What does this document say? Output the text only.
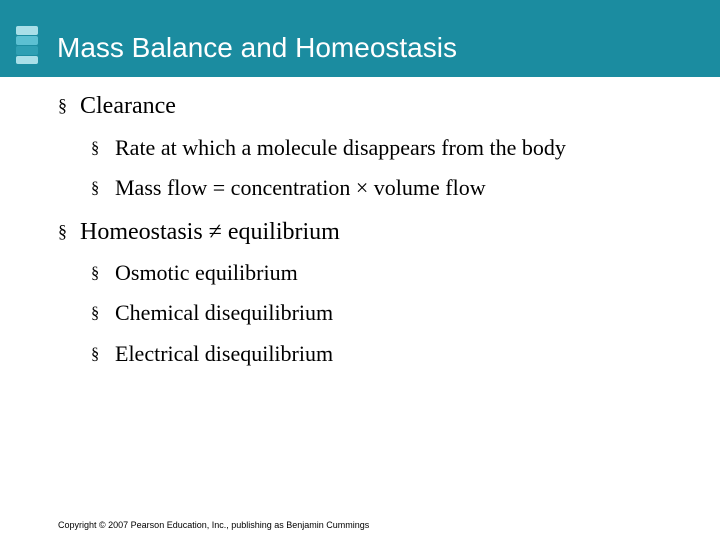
Mass Balance and Homeostasis
§ Clearance
§ Rate at which a molecule disappears from the body
§ Mass flow = concentration × volume flow
§ Homeostasis ≠ equilibrium
§ Osmotic equilibrium
§ Chemical disequilibrium
§ Electrical disequilibrium
Copyright © 2007 Pearson Education, Inc., publishing as Benjamin Cummings
